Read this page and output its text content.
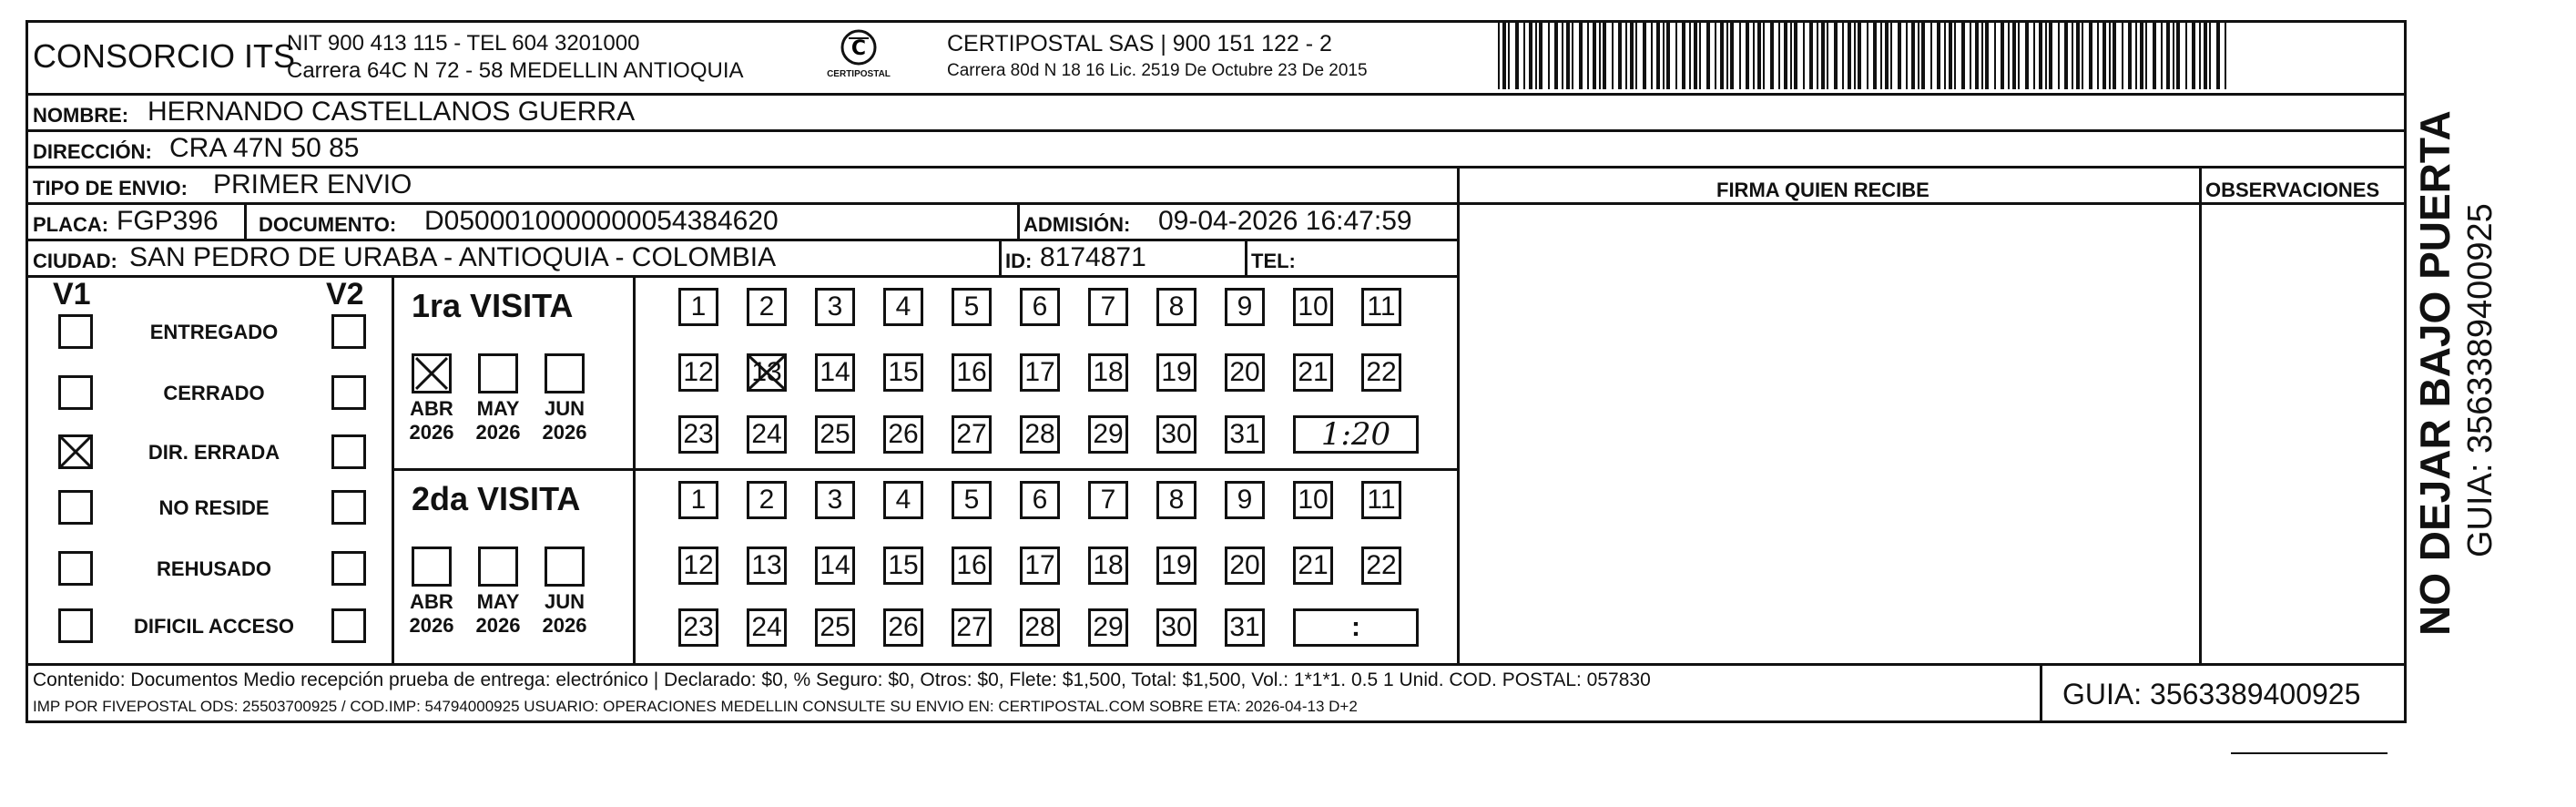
CONSORCIO ITS
NIT 900 413 115 - TEL 604 3201000
Carrera 64C N 72 - 58 MEDELLIN ANTIOQUIA
C
CERTIPOSTAL
CERTIPOSTAL SAS | 900 151 122 - 2
Carrera 80d N 18 16 Lic. 2519 De Octubre 23 De 2015
NOMBRE: HERNANDO CASTELLANOS GUERRA
DIRECCIÓN: CRA 47N 50 85
TIPO DE ENVIO: PRIMER ENVIO	FIRMA QUIEN RECIBE	OBSERVACIONES
PLACA: FGP396 DOCUMENTO: D0500010000000054384620	ADMISIÓN: 09-04-2026 16:47:59
CIUDAD: SAN PEDRO DE URABA - ANTIOQUIA - COLOMBIA	ID: 8174871	TEL:
V1	V2
ENTREGADO
CERRADO
DIR. ERRADA
NO RESIDE
REHUSADO
DIFICIL ACCESO
1ra VISITA
ABR
2026
MAY
2026
JUN
2026
1	2	3	4	5	6	7	8	9	10 11
12 13 14 15 16 17 18 19 20 21 22
23 24 25 26 27 28 29 30 31	1:20
2da VISITA
ABR
2026
MAY
2026
JUN
2026
1	2	3	4	5	6	7	8	9	10 11
12 13 14 15 16 17 18 19 20 21 22
23 24 25 26 27 28 29 30 31	:
Contenido: Documentos Medio recepción prueba de entrega: electrónico | Declarado: $0, % Seguro: $0, Otros: $0, Flete: $1,500, Total: $1,500, Vol.: 1*1*1. 0.5 1 Unid. COD. POSTAL: 057830
IMP POR FIVEPOSTAL ODS: 25503700925 / COD.IMP: 54794000925 USUARIO: OPERACIONES MEDELLIN CONSULTE SU ENVIO EN: CERTIPOSTAL.COM SOBRE ETA: 2026-04-13 D+2	GUIA: 3563389400925
NO DEJAR BAJO PUERTA GUIA: 3563389400925
